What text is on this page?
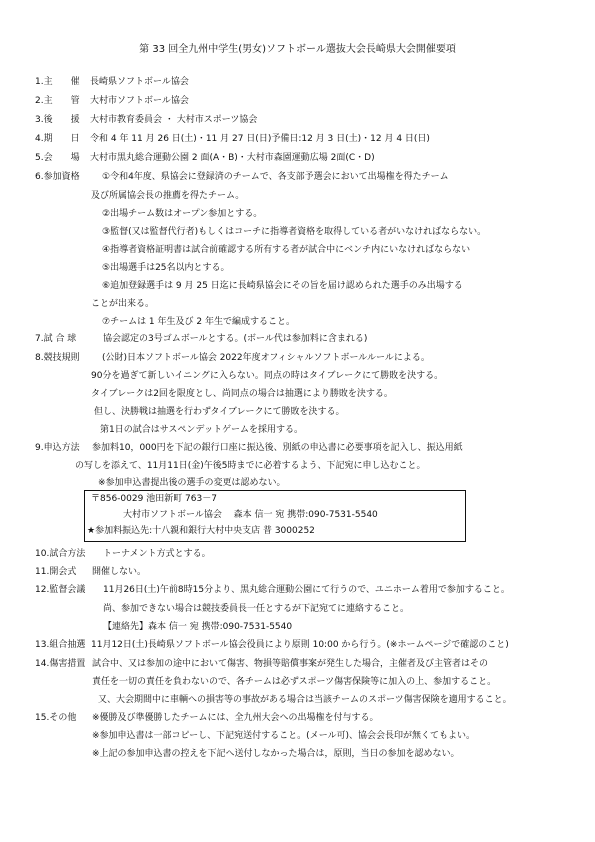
第 33 回全九州中学生(男女)ソフトボール選抜大会長崎県大会開催要項
1.主　　催 長崎県ソフトボール協会
2.主　　管 大村市ソフトボール協会
3.後　　援 大村市教育委員会 ・ 大村市スポーツ協会
4.期　　日 令和 4 年 11 月 26 日(土)・11 月 27 日(日)予備日:12 月 3 日(土)・12 月 4 日(日)
5.会　　場 大村市黒丸総合運動公園 2 面(A・B)・大村市森園運動広場 2面(C・D)
6.参加資格 ①令和4年度、県協会に登録済のチームで、各支部予選会において出場権を得たチーム
及び所属協会長の推薦を得たチーム。
②出場チーム数はオープン参加とする。
③監督(又は監督代行者)もしくはコーチに指導者資格を取得している者がいなければならない。
④指導者資格証明書は試合前確認する所有する者が試合中にベンチ内にいなければならない
⑤出場選手は25名以内とする。
⑥追加登録選手は 9 月 25 日迄に長崎県協会にその旨を届け認められた選手のみ出場する
ことが出来る。
⑦チームは 1 年生及び 2 年生で編成すること。
7.試 合 球	協会認定の3号ゴムボールとする。(ボール代は参加料に含まれる)
8.競技規則 (公財)日本ソフトボール協会 2022年度オフィシャルソフトボールルールによる。
90分を過ぎて新しいイニングに入らない。同点の時はタイブレークにて勝敗を決する。
タイブレークは2回を限度とし、尚同点の場合は抽選により勝敗を決する。
但し、決勝戦は抽選を行わずタイブレークにて勝敗を決する。
第1日の試合はサスペンデットゲームを採用する。
9.申込方法 参加料10，000円を下記の銀行口座に振込後、別紙の申込書に必要事項を記入し、振込用紙
の写しを添えて、11月11日(金)午後5時までに必着するよう、下記宛に申し込むこと。
※参加申込書提出後の選手の変更は認めない。
10.試合方法 トーナメント方式とする。
11.開会式 開催しない。
12.監督会議 11月26日(土)午前8時15分より、黒丸総合運動公園にて行うので、ユニホーム着用で参加すること。
尚、参加できない場合は競技委員長一任とするが下記宛てに連絡すること。
【連絡先】森本 信一 宛 携帯:090-7531-5540
13.組合抽選 11月12日(土)長崎県ソフトボール協会役員により原則 10:00 から行う。(※ホームページで確認のこと)
14.傷害措置 試合中、又は参加の途中において傷害、物損等賠償事案が発生した場合，主催者及び主管者はその
責任を一切の責任を負わないので、各チームは必ずスポーツ傷害保険等に加入の上、参加すること。
又、大会期間中に車輌への損害等の事故がある場合は当該チームのスポーツ傷害保険を適用すること。
15.その他 ※優勝及び準優勝したチームには、全九州大会への出場権を付与する。
※参加申込書は一部コピーし、下記宛送付すること。(メール可)、協会会長印が無くてもよい。
※上記の参加申込書の控えを下記へ送付しなかった場合は，原則，当日の参加を認めない。
〒856-0029 池田新町 763－7
大村市ソフトボール協会　 森本 信一 宛 携帯:090-7531-5540
★参加料振込先:十八親和銀行大村中央支店 普 3000252
